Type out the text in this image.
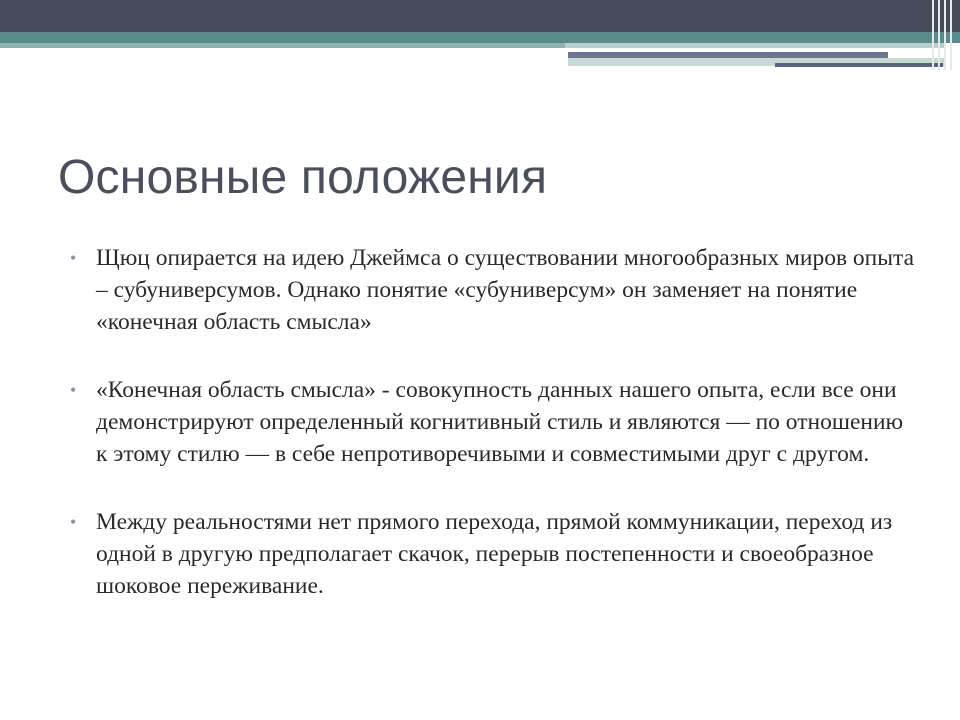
Основные положения
• Щюц опирается на идею Джеймса о существовании многообразных миров опыта – субуниверсумов. Однако понятие «субуниверсум» он заменяет на понятие «конечная область смысла»
• «Конечная область смысла» - совокупность данных нашего опыта, если все они демонстрируют определенный когнитивный стиль и являются — по отношению к этому стилю — в себе непротиворечивыми и совместимыми друг с другом.
• Между реальностями нет прямого перехода, прямой коммуникации, переход из одной в другую предполагает скачок, перерыв постепенности и своеобразное шоковое переживание.
